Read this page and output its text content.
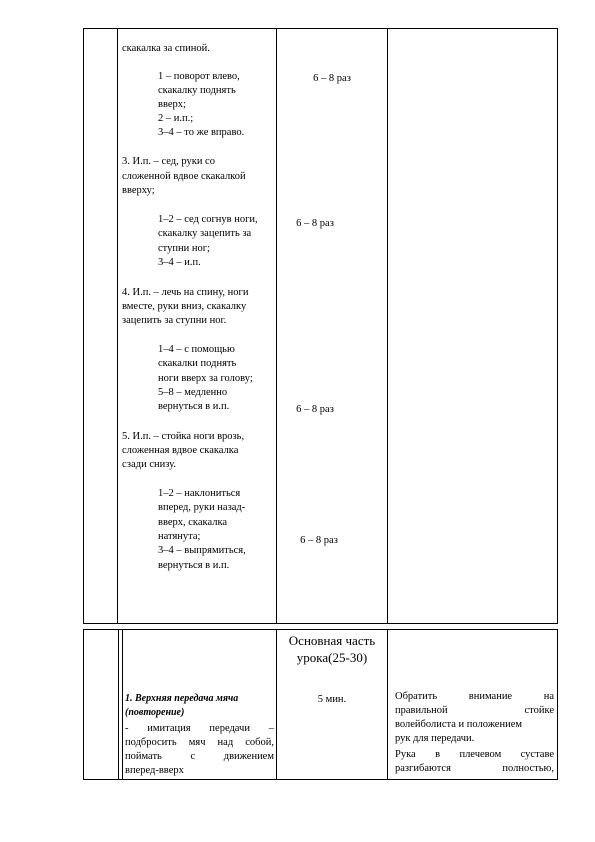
скакалка за спиной.
1 – поворот влево,
скакалку поднять
вверх;
2 – и.п.;
3–4 – то же вправо.
3. И.п. – сед, руки со
сложенной вдвое скакалкой
вверху;
1–2 – сед согнув ноги,
скакалку зацепить за
ступни ног;
3–4 – и.п.
4. И.п. – лечь на спину, ноги
вместе, руки вниз, скакалку
зацепить за ступни ног.
1–4 – с помощью
скакалки поднять
ноги вверх за голову;
5–8 – медленно
вернуться в и.п.
5. И.п. – стойка ноги врозь,
сложенная вдвое скакалка
сзади снизу.
1–2 – наклониться
вперед, руки назад-
вверх, скакалка
натянута;
3–4 – выпрямиться,
вернуться в и.п.
6 – 8 раз
6 – 8 раз
6 – 8 раз
6 – 8 раз
Основная часть
урока(25-30)
1. Верхняя передача мяча
(повторение)
- имитация передачи –
подбросить мяч над собой,
поймать с движением
вперед-вверх
5 мин.	Обратить внимание на
правильной стойке
волейболиста и положением
рук для передачи.
Рука в плечевом суставе
разгибаются полностью,
